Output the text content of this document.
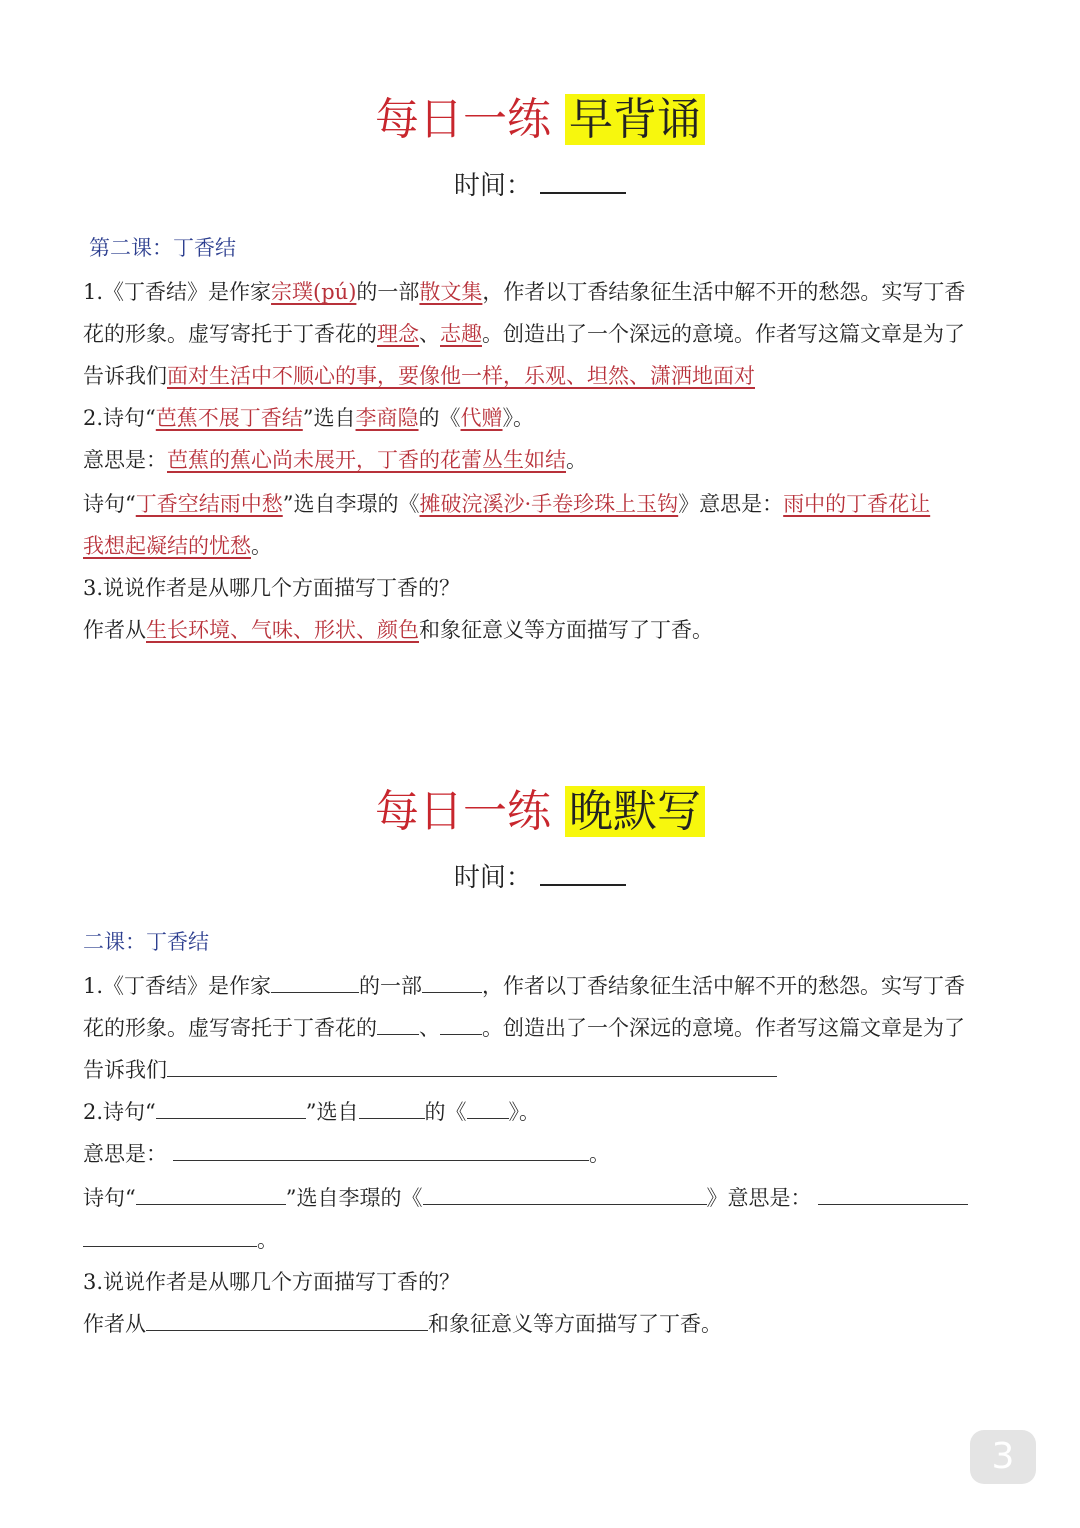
每日一练 早背诵
时间：
第二课：丁香结
1.《丁香结》是作家宗璞(pú)的一部散文集，作者以丁香结象征生活中解不开的愁怨。实写丁香
花的形象。虚写寄托于丁香花的理念、志趣。创造出了一个深远的意境。作者写这篇文章是为了
告诉我们面对生活中不顺心的事，要像他一样，乐观、坦然、潇洒地面对
2.诗句“芭蕉不展丁香结”选自李商隐的《代赠》。
意思是：芭蕉的蕉心尚未展开，丁香的花蕾丛生如结。
诗句“丁香空结雨中愁”选自李璟的《摊破浣溪沙·手卷珍珠上玉钩》意思是：雨中的丁香花让
我想起凝结的忧愁。
3.说说作者是从哪几个方面描写丁香的？
作者从生长环境、气味、形状、颜色和象征意义等方面描写了丁香。
每日一练 晚默写
时间：
二课：丁香结
1.《丁香结》是作家	的一部	，作者以丁香结象征生活中解不开的愁怨。实写丁香
花的形象。虚写寄托于丁香花的 、 。创造出了一个深远的意境。作者写这篇文章是为了
告诉我们
2.诗句“	”选自	的《 》。
意思是：	。
诗句“	”选自李璟的《	》意思是：
。
3.说说作者是从哪几个方面描写丁香的？
作者从	和象征意义等方面描写了丁香。
3
